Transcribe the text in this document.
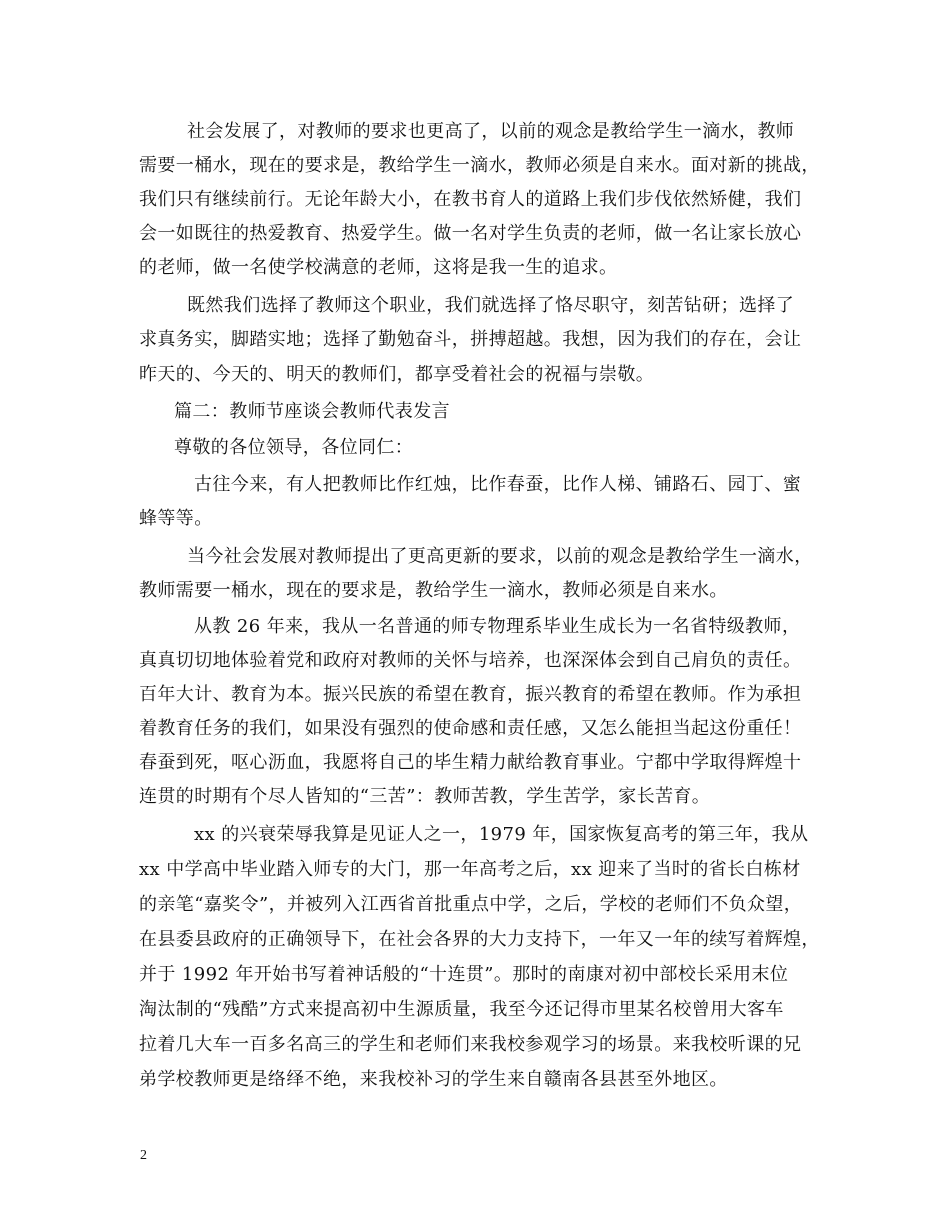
社会发展了，对教师的要求也更高了，以前的观念是教给学生一滴水，教师
需要一桶水，现在的要求是，教给学生一滴水，教师必须是自来水。面对新的挑战，
我们只有继续前行。无论年龄大小，在教书育人的道路上我们步伐依然矫健，我们
会一如既往的热爱教育、热爱学生。做一名对学生负责的老师，做一名让家长放心
的老师，做一名使学校满意的老师，这将是我一生的追求。
既然我们选择了教师这个职业，我们就选择了恪尽职守，刻苦钻研；选择了
求真务实，脚踏实地；选择了勤勉奋斗，拼搏超越。我想，因为我们的存在，会让
昨天的、今天的、明天的教师们，都享受着社会的祝福与崇敬。
篇二：教师节座谈会教师代表发言
尊敬的各位领导，各位同仁：
古往今来，有人把教师比作红烛，比作春蚕，比作人梯、铺路石、园丁、蜜
蜂等等。
当今社会发展对教师提出了更高更新的要求，以前的观念是教给学生一滴水，
教师需要一桶水，现在的要求是，教给学生一滴水，教师必须是自来水。
从教 26 年来，我从一名普通的师专物理系毕业生成长为一名省特级教师，
真真切切地体验着党和政府对教师的关怀与培养，也深深体会到自己肩负的责任。
百年大计、教育为本。振兴民族的希望在教育，振兴教育的希望在教师。作为承担
着教育任务的我们，如果没有强烈的使命感和责任感，又怎么能担当起这份重任！
春蚕到死，呕心沥血，我愿将自己的毕生精力献给教育事业。宁都中学取得辉煌十
连贯的时期有个尽人皆知的“三苦”：教师苦教，学生苦学，家长苦育。
xx 的兴衰荣辱我算是见证人之一，1979 年，国家恢复高考的第三年，我从
xx 中学高中毕业踏入师专的大门，那一年高考之后，xx 迎来了当时的省长白栋材
的亲笔“嘉奖令”，并被列入江西省首批重点中学，之后，学校的老师们不负众望，
在县委县政府的正确领导下，在社会各界的大力支持下，一年又一年的续写着辉煌，
并于 1992 年开始书写着神话般的“十连贯”。那时的南康对初中部校长采用末位
淘汰制的“残酷”方式来提高初中生源质量，我至今还记得市里某名校曾用大客车
拉着几大车一百多名高三的学生和老师们来我校参观学习的场景。来我校听课的兄
弟学校教师更是络绎不绝，来我校补习的学生来自赣南各县甚至外地区。
2
